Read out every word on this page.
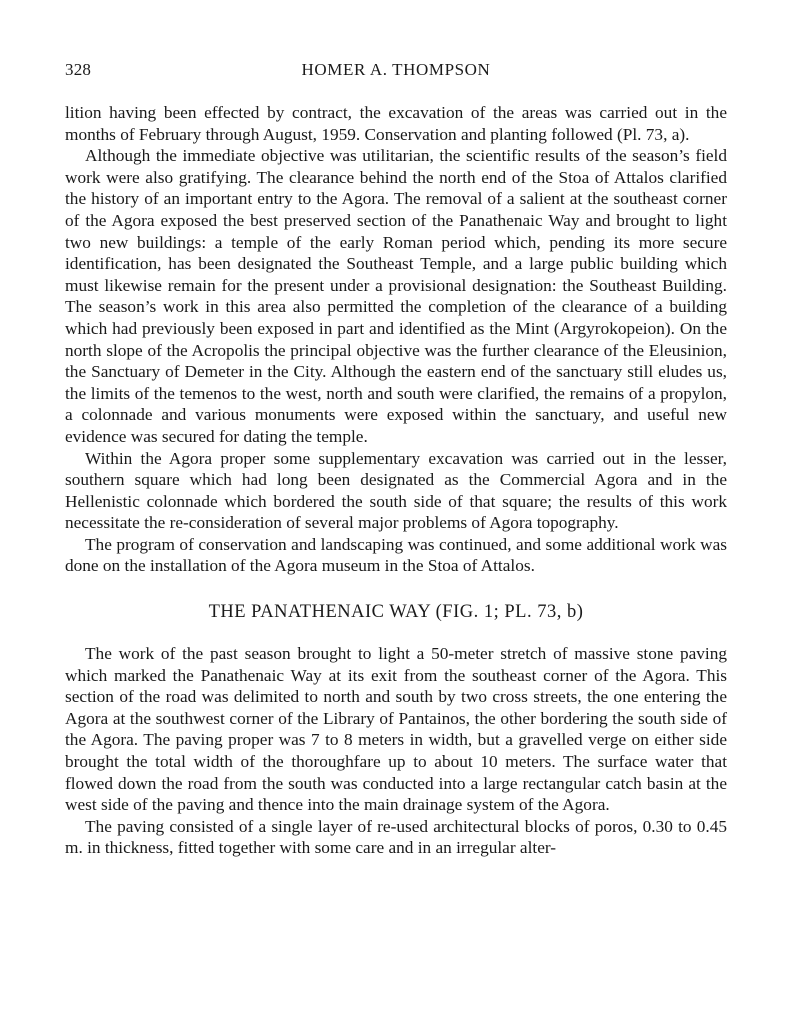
328	HOMER A. THOMPSON

lition having been effected by contract, the excavation of the areas was carried out in the months of February through August, 1959. Conservation and planting followed (Pl. 73, a).

Although the immediate objective was utilitarian, the scientific results of the season’s field work were also gratifying. The clearance behind the north end of the Stoa of Attalos clarified the history of an important entry to the Agora. The removal of a salient at the southeast corner of the Agora exposed the best preserved section of the Panathenaic Way and brought to light two new buildings: a temple of the early Roman period which, pending its more secure identification, has been designated the Southeast Temple, and a large public building which must likewise remain for the present under a provisional designation: the Southeast Building. The season’s work in this area also permitted the completion of the clearance of a building which had previously been exposed in part and identified as the Mint (Argyrokopeion). On the north slope of the Acropolis the principal objective was the further clearance of the Eleusinion, the Sanctuary of Demeter in the City. Although the eastern end of the sanctuary still eludes us, the limits of the temenos to the west, north and south were clarified, the remains of a propylon, a colonnade and various monuments were exposed within the sanctuary, and useful new evidence was secured for dating the temple.

Within the Agora proper some supplementary excavation was carried out in the lesser, southern square which had long been designated as the Commercial Agora and in the Hellenistic colonnade which bordered the south side of that square; the results of this work necessitate the re-consideration of several major problems of Agora topography.

The program of conservation and landscaping was continued, and some additional work was done on the installation of the Agora museum in the Stoa of Attalos.

THE PANATHENAIC WAY (FIG. 1; PL. 73, b)

The work of the past season brought to light a 50-meter stretch of massive stone paving which marked the Panathenaic Way at its exit from the southeast corner of the Agora. This section of the road was delimited to north and south by two cross streets, the one entering the Agora at the southwest corner of the Library of Pantainos, the other bordering the south side of the Agora. The paving proper was 7 to 8 meters in width, but a gravelled verge on either side brought the total width of the thoroughfare up to about 10 meters. The surface water that flowed down the road from the south was conducted into a large rectangular catch basin at the west side of the paving and thence into the main drainage system of the Agora.

The paving consisted of a single layer of re-used architectural blocks of poros, 0.30 to 0.45 m. in thickness, fitted together with some care and in an irregular alter-
